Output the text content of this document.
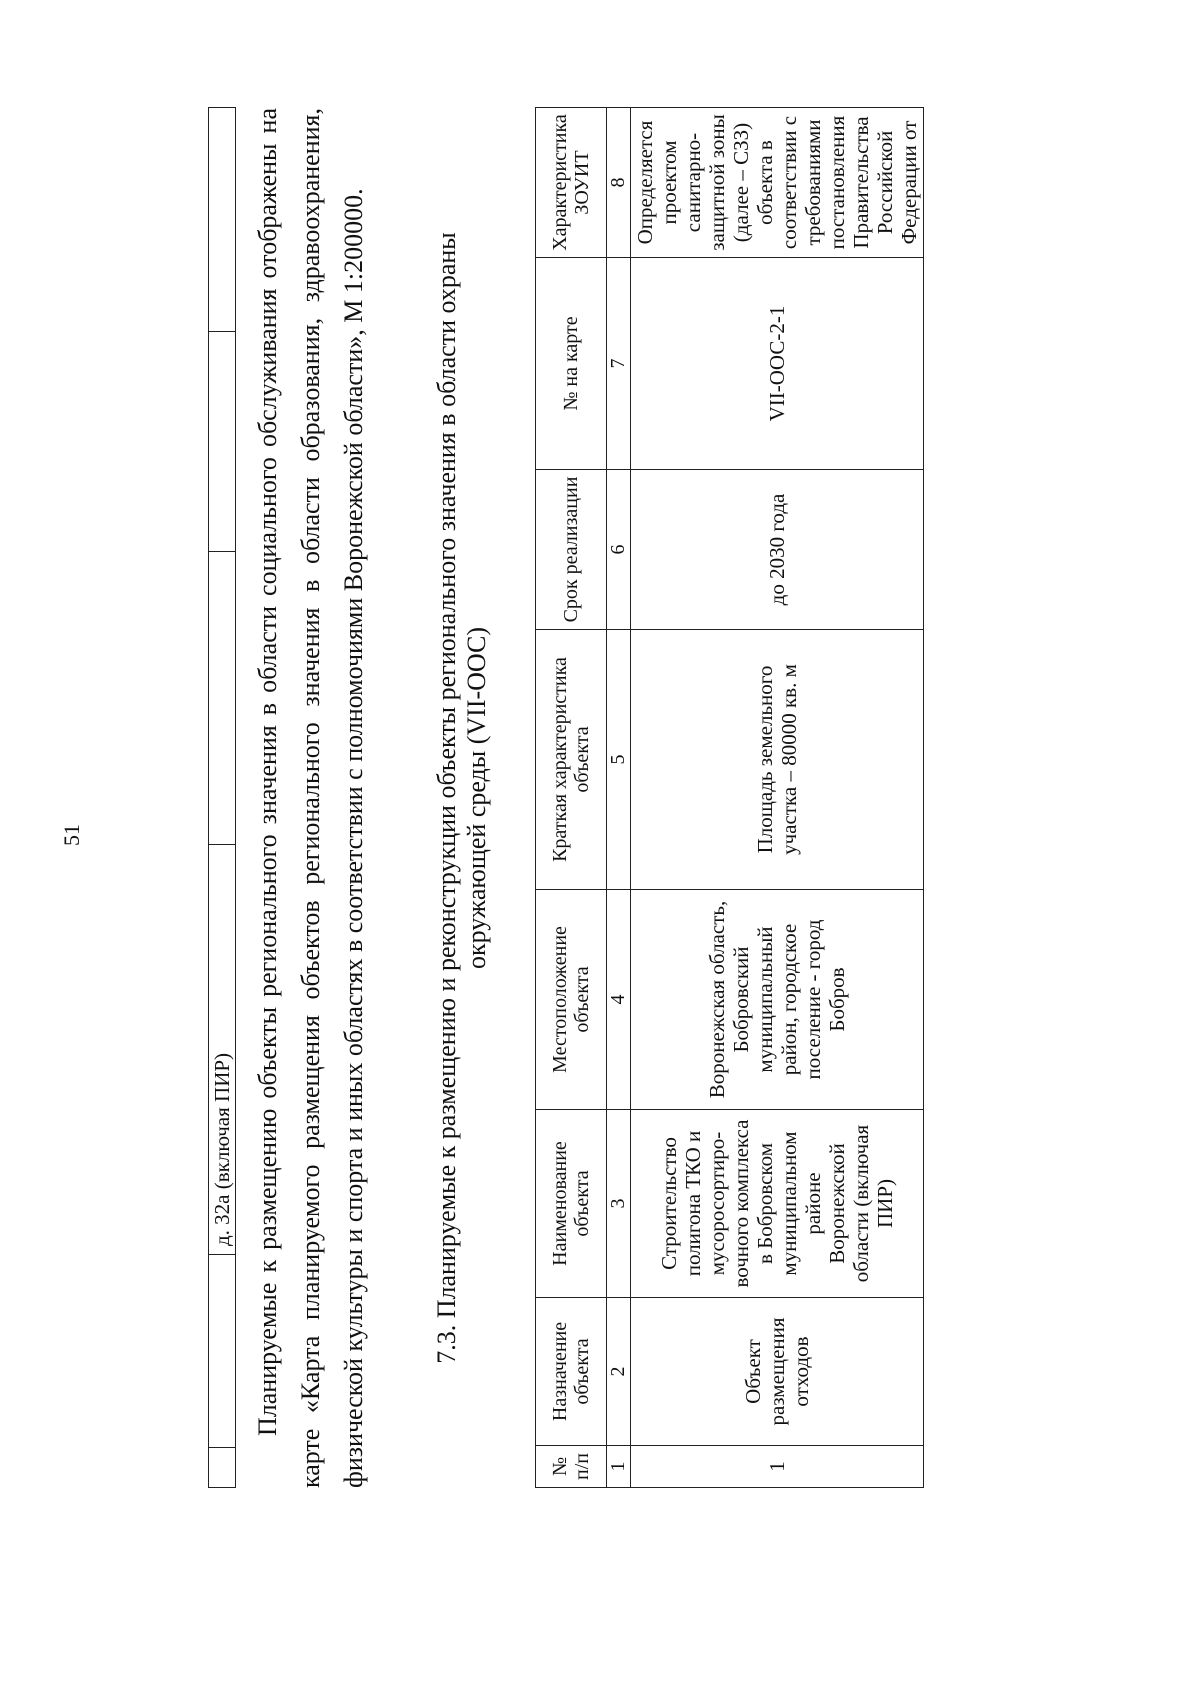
51
		д. 32а (включая ПИР)			Планируемые к размещению объекты регионального значения в области социального обслуживания отображены на карте «Карта планируемого размещения объектов регионального значения в области образования, здравоохранения, физической культуры и спорта и иных областях в соответствии с полномочиями Воронежской области», М 1:200000. 7.3. Планируемые к размещению и реконструкции объекты регионального значения в области охраны окружающей среды (VII-ООС)
№ п/п	Назначение объекта	Наименование объекта	Местоположение объекта	Краткая характеристика объекта	Срок реализации	№ на карте	Характеристика ЗОУИТ
1	2	3	4	5	6	7	8
1	Объект размещения отходов	Строительство полигона ТКО и мусоросортиро-вочного комплекса в Бобровском муниципальном районе Воронежской области (включая ПИР)	Воронежская область, Бобровский муниципальный район, городское поселение - город Бобров	Площадь земельного участка – 80000 кв. м	до 2030 года	VII-ООС-2-1	Определяется проектом санитарно-защитной зоны (далее – СЗЗ) объекта в соответствии с требованиями постановления Правительства Российской Федерации от
